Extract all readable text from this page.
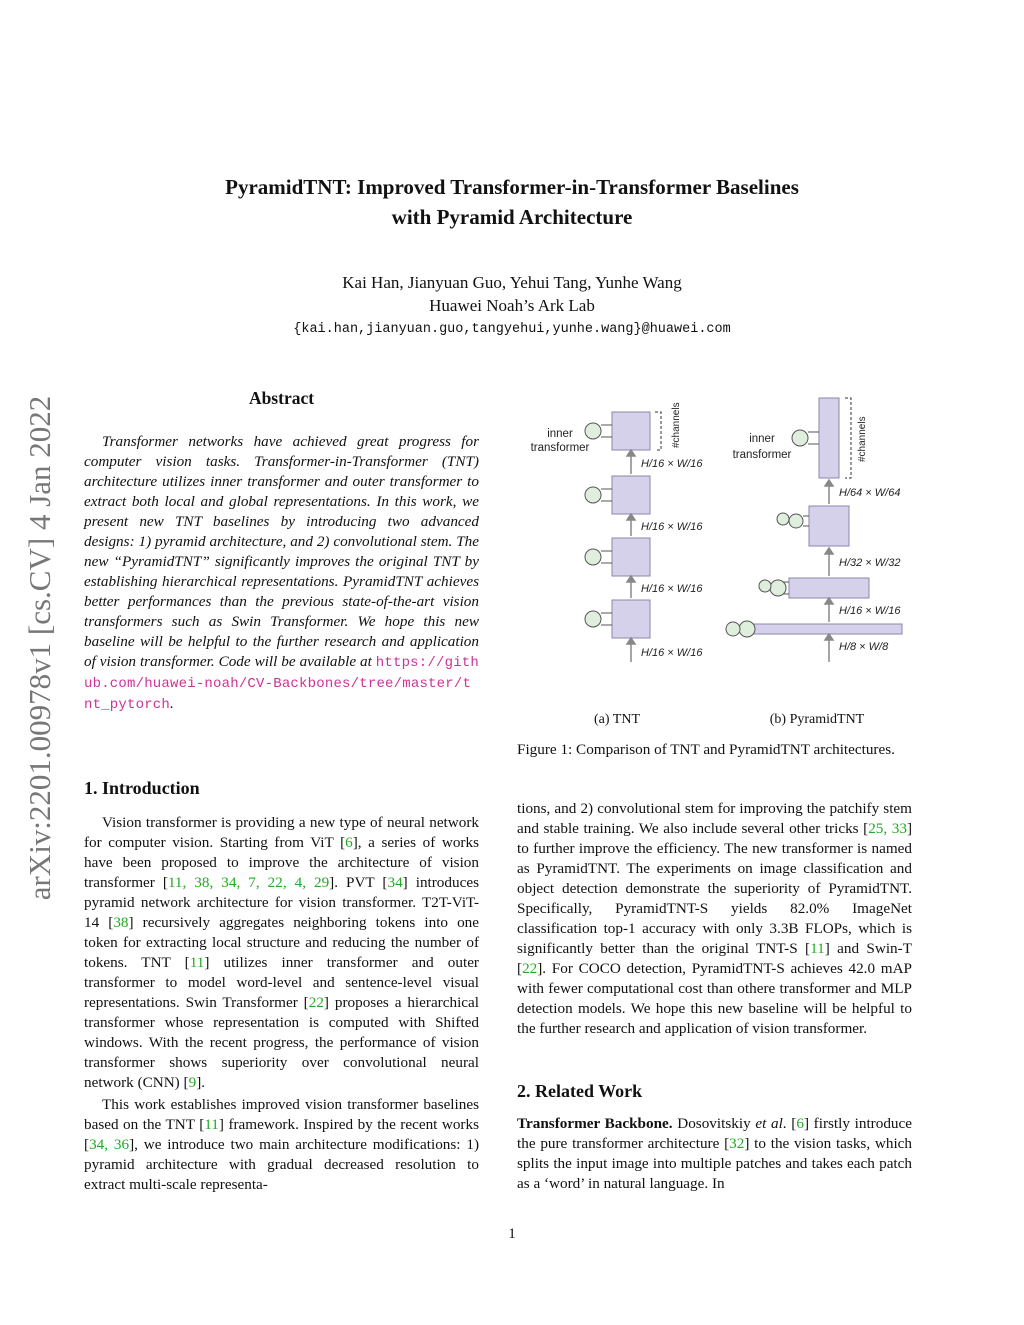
PyramidTNT: Improved Transformer-in-Transformer Baselines
with Pyramid Architecture
Kai Han, Jianyuan Guo, Yehui Tang, Yunhe Wang
Huawei Noah’s Ark Lab
{kai.han,jianyuan.guo,tangyehui,yunhe.wang}@huawei.com
arXiv:2201.00978v1 [cs.CV] 4 Jan 2022	Abstract

Transformer networks have achieved great progress for computer vision tasks. Transformer-in-Transformer (TNT) architecture utilizes inner transformer and outer transformer to extract both local and global representations. In this work, we present new TNT baselines by introducing two advanced designs: 1) pyramid architecture, and 2) convolutional stem. The new “PyramidTNT” significantly improves the original TNT by establishing hierarchical representations. PyramidTNT achieves better performances than the previous state-of-the-art vision transformers such as Swin Transformer. We hope this new baseline will be helpful to the further research and application of vision transformer. Code will be available at https://github.com/huawei-noah/CV-Backbones/tree/master/tnt_pytorch.

1. Introduction

Vision transformer is providing a new type of neural network for computer vision. Starting from ViT [6], a series of works have been proposed to improve the architecture of vision transformer [11, 38, 34, 7, 22, 4, 29]. PVT [34] introduces pyramid network architecture for vision transformer. T2T-ViT-14 [38] recursively aggregates neighboring tokens into one token for extracting local structure and reducing the number of tokens. TNT [11] utilizes inner transformer and outer transformer to model word-level and sentence-level visual representations. Swin Transformer [22] proposes a hierarchical transformer whose representation is computed with Shifted windows. With the recent progress, the performance of vision transformer shows superiority over convolutional neural network (CNN) [9].

This work establishes improved vision transformer baselines based on the TNT [11] framework. Inspired by the recent works [34, 36], we introduce two main architecture modifications: 1) pyramid architecture with gradual decreased resolution to extract multi-scale representa-

inner
transformer	#channels
H/16 × W/16
H/16 × W/16
H/16 × W/16
H/16 × W/16
inner
transformer	#channels
H/64 × W/64
H/32 × W/32
H/16 × W/16
H/8 × W/8
(a) TNT	(b) PyramidTNT
Figure 1: Comparison of TNT and PyramidTNT architectures.

tions, and 2) convolutional stem for improving the patchify stem and stable training. We also include several other tricks [25, 33] to further improve the efficiency. The new transformer is named as PyramidTNT. The experiments on image classification and object detection demonstrate the superiority of PyramidTNT. Specifically, PyramidTNT-S yields 82.0% ImageNet classification top-1 accuracy with only 3.3B FLOPs, which is significantly better than the original TNT-S [11] and Swin-T [22]. For COCO detection, PyramidTNT-S achieves 42.0 mAP with fewer computational cost than othere transformer and MLP detection models. We hope this new baseline will be helpful to the further research and application of vision transformer.

2. Related Work

Transformer Backbone. Dosovitskiy et al. [6] firstly introduce the pure transformer architecture [32] to the vision tasks, which splits the input image into multiple patches and takes each patch as a ‘word’ in natural language. In

1
